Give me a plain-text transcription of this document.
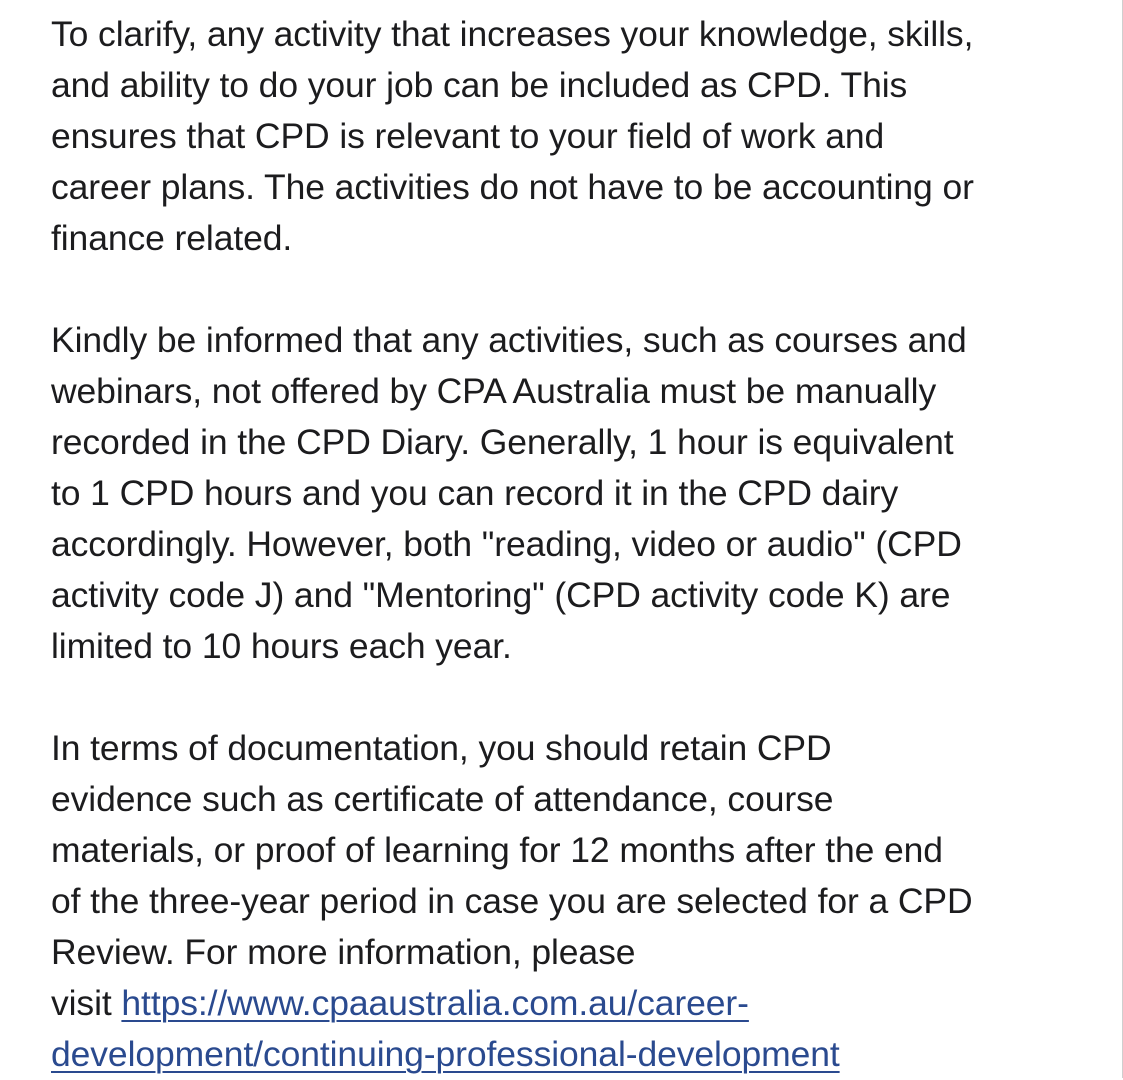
To clarify, any activity that increases your knowledge, skills,
and ability to do your job can be included as CPD. This
ensures that CPD is relevant to your field of work and
career plans. The activities do not have to be accounting or
finance related.
Kindly be informed that any activities, such as courses and
webinars, not offered by CPA Australia must be manually
recorded in the CPD Diary. Generally, 1 hour is equivalent
to 1 CPD hours and you can record it in the CPD dairy
accordingly. However, both "reading, video or audio" (CPD
activity code J) and "Mentoring" (CPD activity code K) are
limited to 10 hours each year.
In terms of documentation, you should retain CPD
evidence such as certificate of attendance, course
materials, or proof of learning for 12 months after the end
of the three-year period in case you are selected for a CPD
Review. For more information, please
visit https://www.cpaaustralia.com.au/career-
development/continuing-professional-development
